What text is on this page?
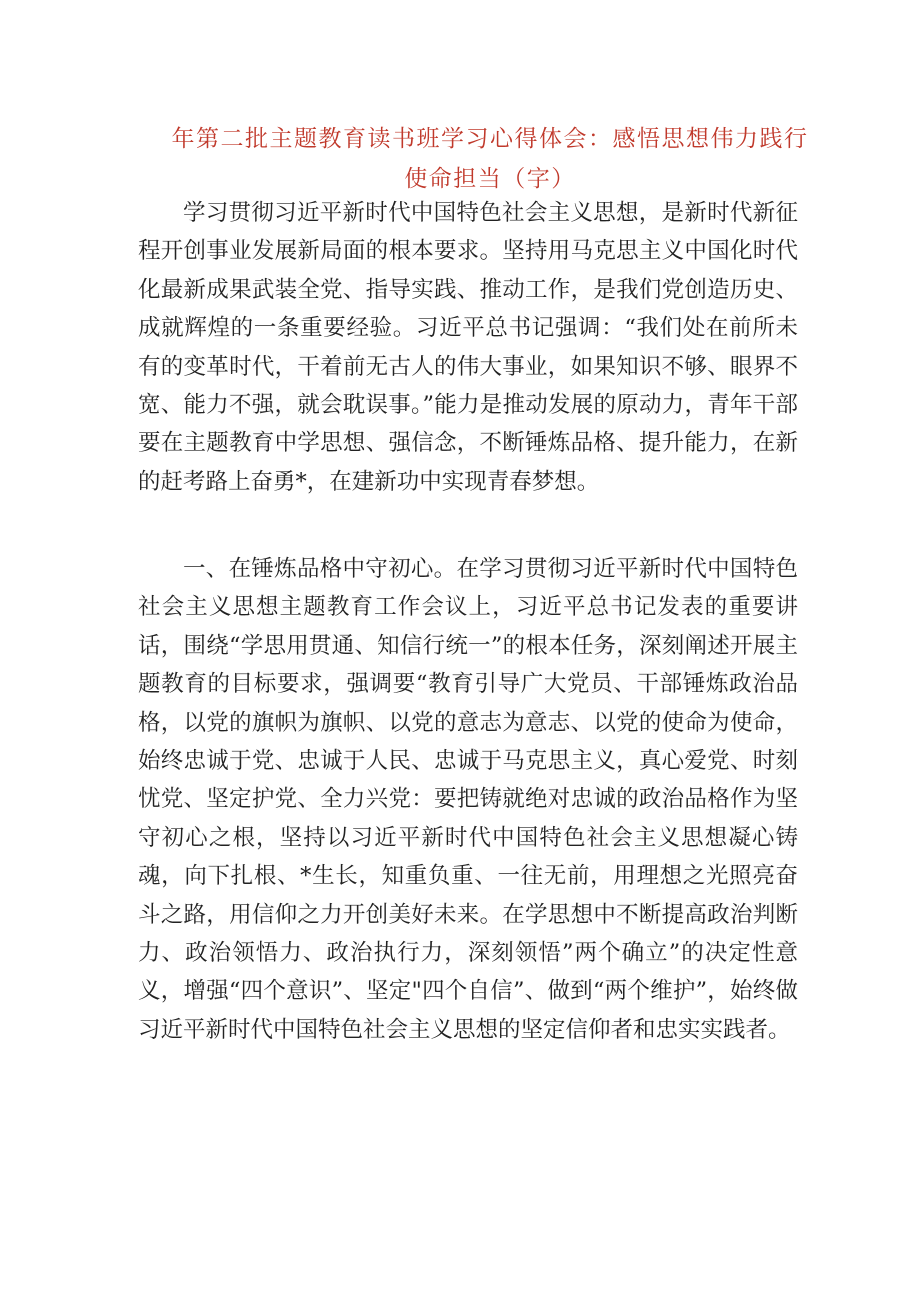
年第二批主题教育读书班学习心得体会：感悟思想伟力践行
使命担当（字）

学习贯彻习近平新时代中国特色社会主义思想，是新时代新征程开创事业发展新局面的根本要求。坚持用马克思主义中国化时代化最新成果武装全党、指导实践、推动工作，是我们党创造历史、成就辉煌的一条重要经验。习近平总书记强调：“我们处在前所未有的变革时代，干着前无古人的伟大事业，如果知识不够、眼界不宽、能力不强，就会耽误事。”能力是推动发展的原动力，青年干部要在主题教育中学思想、强信念，不断锤炼品格、提升能力，在新的赶考路上奋勇*，在建新功中实现青春梦想。

一、在锤炼品格中守初心。在学习贯彻习近平新时代中国特色社会主义思想主题教育工作会议上，习近平总书记发表的重要讲话，围绕“学思用贯通、知信行统一”的根本任务，深刻阐述开展主题教育的目标要求，强调要“教育引导广大党员、干部锤炼政治品格，以党的旗帜为旗帜、以党的意志为意志、以党的使命为使命，始终忠诚于党、忠诚于人民、忠诚于马克思主义，真心爱党、时刻忧党、坚定护党、全力兴党：要把铸就绝对忠诚的政治品格作为坚守初心之根，坚持以习近平新时代中国特色社会主义思想凝心铸魂，向下扎根、*生长，知重负重、一往无前，用理想之光照亮奋斗之路，用信仰之力开创美好未来。在学思想中不断提高政治判断力、政治领悟力、政治执行力，深刻领悟”两个确立”的决定性意义，增强“四个意识”、坚定"四个自信”、做到“两个维护”，始终做习近平新时代中国特色社会主义思想的坚定信仰者和忠实实践者。
